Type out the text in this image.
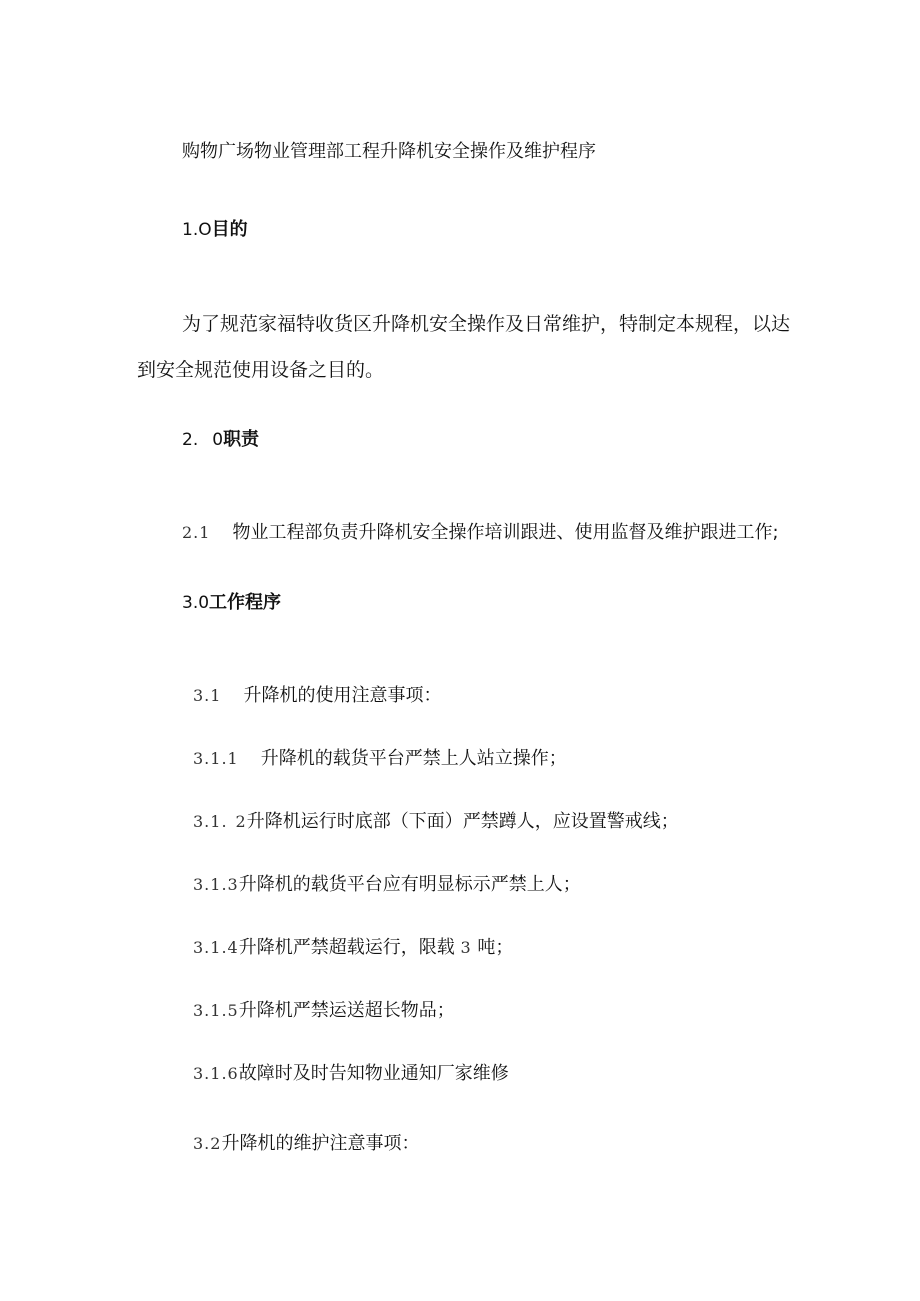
购物广场物业管理部工程升降机安全操作及维护程序
1.O目的
为了规范家福特收货区升降机安全操作及日常维护，特制定本规程，以达
到安全规范使用设备之目的。
2. 0职责
2.1 物业工程部负责升降机安全操作培训跟进、使用监督及维护跟进工作;
3.0工作程序
3.1 升降机的使用注意事项：
3.1.1 升降机的载货平台严禁上人站立操作；
3.1. 2升降机运行时底部（下面）严禁蹲人，应设置警戒线；
3.1.3升降机的载货平台应有明显标示严禁上人；
3.1.4升降机严禁超载运行，限载 3 吨；
3.1.5升降机严禁运送超长物品；
3.1.6故障时及时告知物业通知厂家维修
3.2升降机的维护注意事项：
